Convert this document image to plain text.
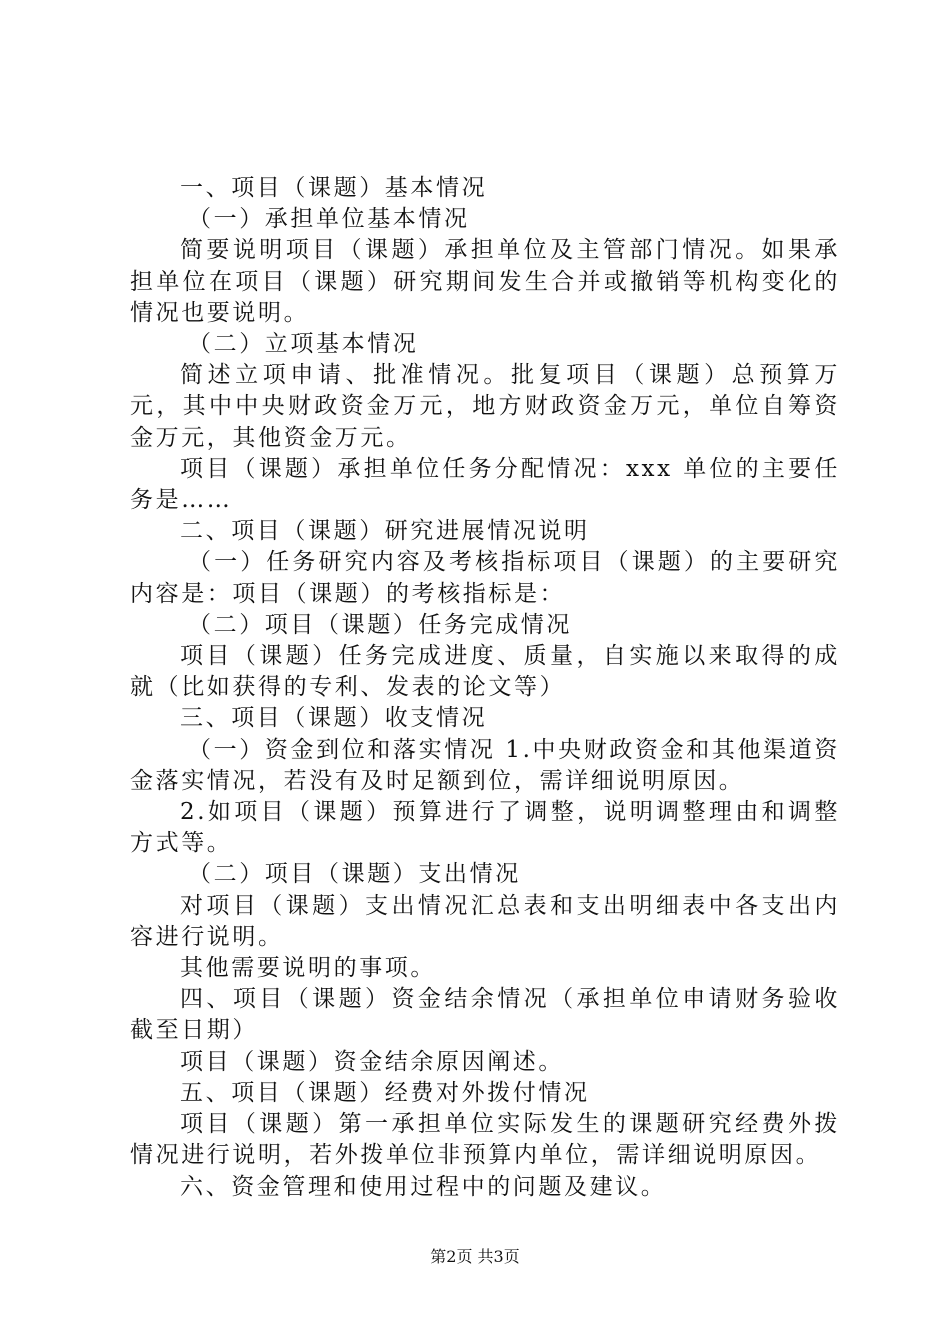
一、项目（课题）基本情况

（一）承担单位基本情况

简要说明项目（课题）承担单位及主管部门情况。如果承担单位在项目（课题）研究期间发生合并或撤销等机构变化的情况也要说明。

（二）立项基本情况

简述立项申请、批准情况。批复项目（课题）总预算万元，其中中央财政资金万元，地方财政资金万元，单位自筹资金万元，其他资金万元。

项目（课题）承担单位任务分配情况：xxx 单位的主要任务是……

二、项目（课题）研究进展情况说明

（一）任务研究内容及考核指标项目（课题）的主要研究内容是：项目（课题）的考核指标是：

（二）项目（课题）任务完成情况

项目（课题）任务完成进度、质量，自实施以来取得的成就（比如获得的专利、发表的论文等）

三、项目（课题）收支情况

（一）资金到位和落实情况 1.中央财政资金和其他渠道资金落实情况，若没有及时足额到位，需详细说明原因。

2.如项目（课题）预算进行了调整，说明调整理由和调整方式等。

（二）项目（课题）支出情况

对项目（课题）支出情况汇总表和支出明细表中各支出内容进行说明。

其他需要说明的事项。

四、项目（课题）资金结余情况（承担单位申请财务验收截至日期）

项目（课题）资金结余原因阐述。

五、项目（课题）经费对外拨付情况

项目（课题）第一承担单位实际发生的课题研究经费外拨情况进行说明，若外拨单位非预算内单位，需详细说明原因。

六、资金管理和使用过程中的问题及建议。

第2页 共3页
